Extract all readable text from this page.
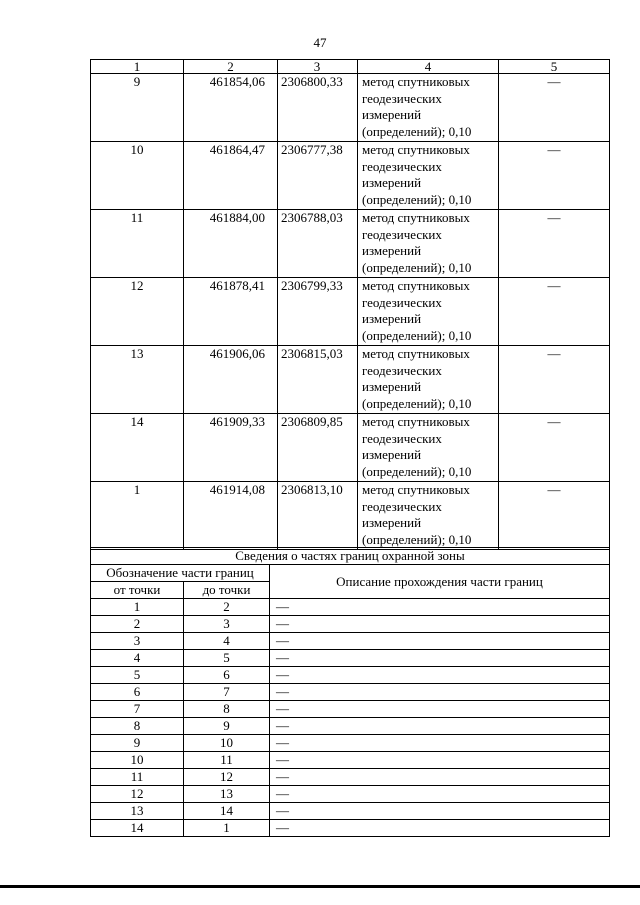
47
1	2	3	4	5
9	461854,06	2306800,33	метод спутниковых
геодезических
измерений
(определений); 0,10	—
10	461864,47	2306777,38	метод спутниковых
геодезических
измерений
(определений); 0,10	—
11	461884,00	2306788,03	метод спутниковых
геодезических
измерений
(определений); 0,10	—
12	461878,41	2306799,33	метод спутниковых
геодезических
измерений
(определений); 0,10	—
13	461906,06	2306815,03	метод спутниковых
геодезических
измерений
(определений); 0,10	—
14	461909,33	2306809,85	метод спутниковых
геодезических
измерений
(определений); 0,10	—
1	461914,08	2306813,10	метод спутниковых
геодезических
измерений
(определений); 0,10	—
Сведения о частях границ охранной зоны		
Обозначение части границ		Описание прохождения части границ
от точки	до точки	
1	2	—
2	3	—
3	4	—
4	5	—
5	6	—
6	7	—
7	8	—
8	9	—
9	10	—
10	11	—
11	12	—
12	13	—
13	14	—
14	1	—
